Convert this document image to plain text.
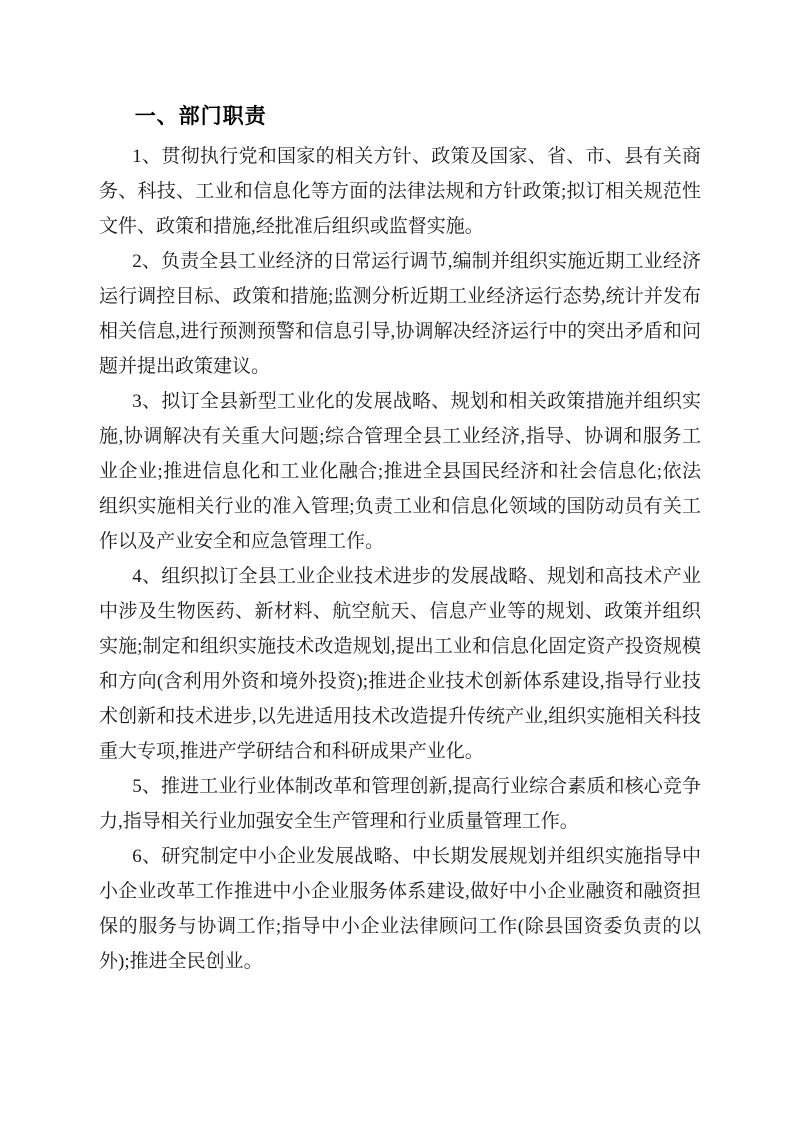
一、部门职责

1、贯彻执行党和国家的相关方针、政策及国家、省、市、县有关商务、科技、工业和信息化等方面的法律法规和方针政策;拟订相关规范性文件、政策和措施,经批准后组织或监督实施。

2、负责全县工业经济的日常运行调节,编制并组织实施近期工业经济运行调控目标、政策和措施;监测分析近期工业经济运行态势,统计并发布相关信息,进行预测预警和信息引导,协调解决经济运行中的突出矛盾和问题并提出政策建议。

3、拟订全县新型工业化的发展战略、规划和相关政策措施并组织实施,协调解决有关重大问题;综合管理全县工业经济,指导、协调和服务工业企业;推进信息化和工业化融合;推进全县国民经济和社会信息化;依法组织实施相关行业的准入管理;负责工业和信息化领域的国防动员有关工作以及产业安全和应急管理工作。

4、组织拟订全县工业企业技术进步的发展战略、规划和高技术产业中涉及生物医药、新材料、航空航天、信息产业等的规划、政策并组织实施;制定和组织实施技术改造规划,提出工业和信息化固定资产投资规模和方向(含利用外资和境外投资);推进企业技术创新体系建设,指导行业技术创新和技术进步,以先进适用技术改造提升传统产业,组织实施相关科技重大专项,推进产学研结合和科研成果产业化。

5、推进工业行业体制改革和管理创新,提高行业综合素质和核心竞争力,指导相关行业加强安全生产管理和行业质量管理工作。

6、研究制定中小企业发展战略、中长期发展规划并组织实施指导中小企业改革工作推进中小企业服务体系建设,做好中小企业融资和融资担保的服务与协调工作;指导中小企业法律顾问工作(除县国资委负责的以外);推进全民创业。
